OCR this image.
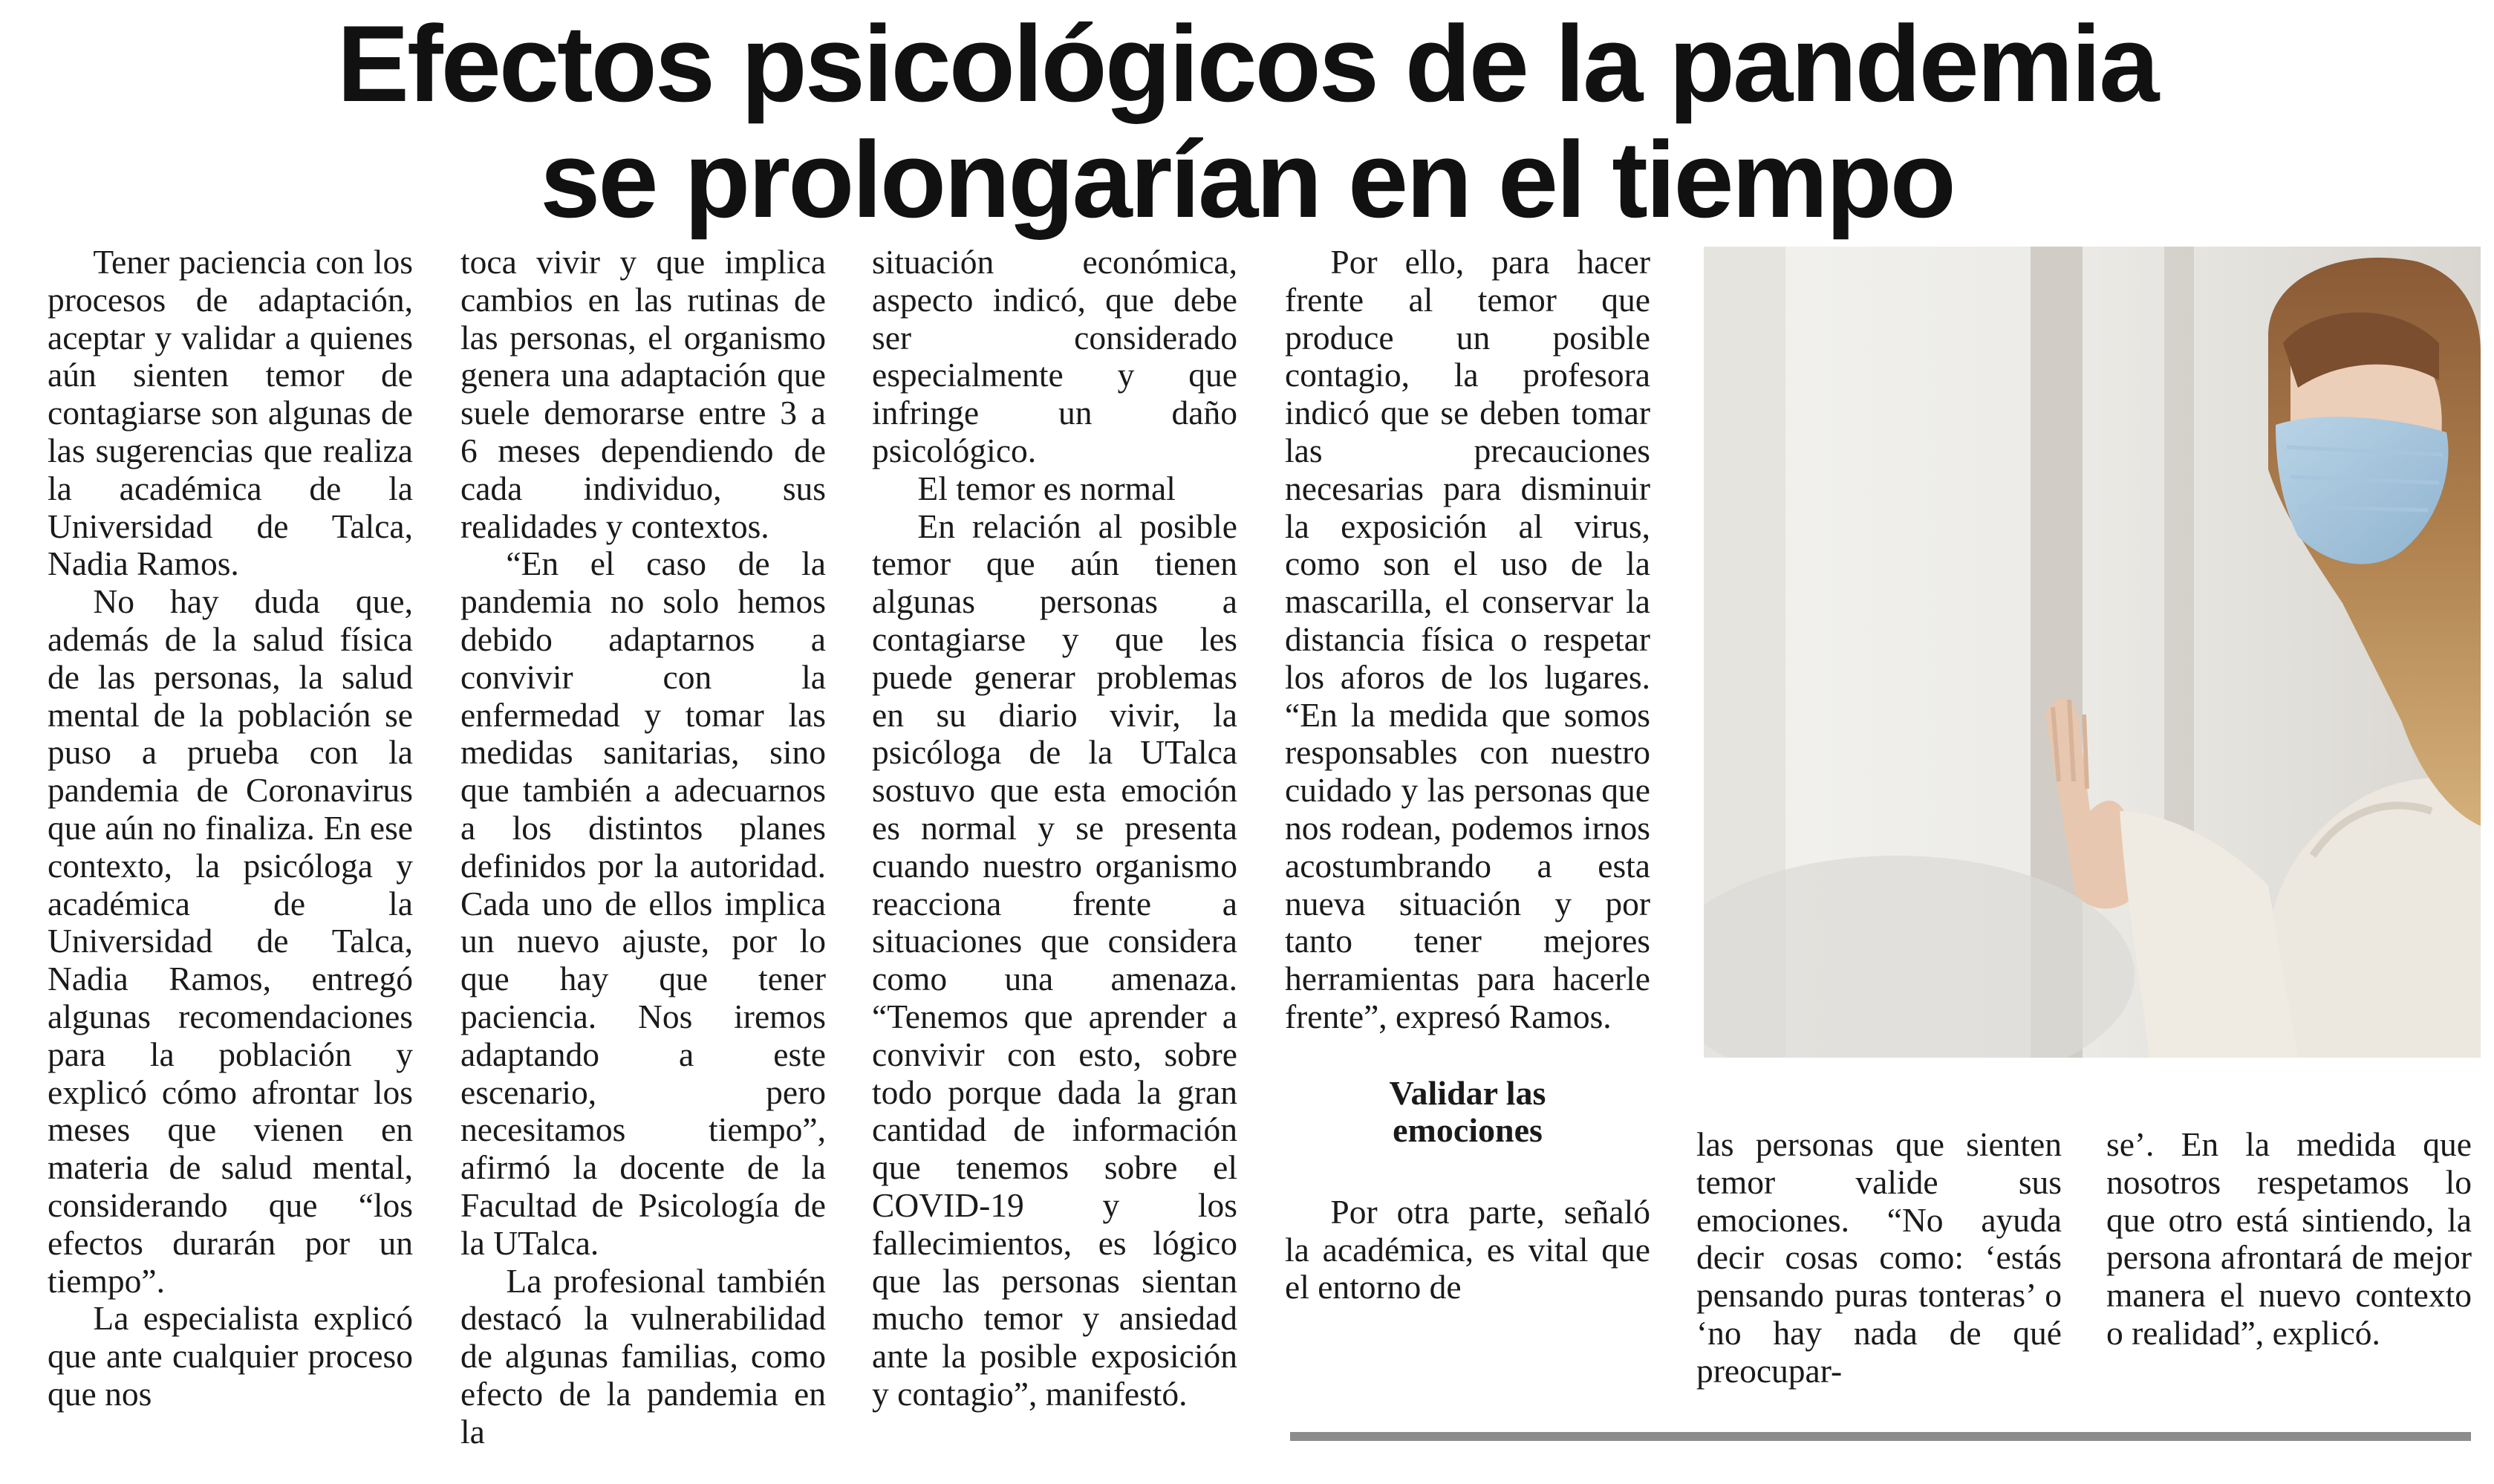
Efectos psicológicos de la pandemia
se prolongarían en el tiempo

Tener paciencia con los procesos de adaptación, aceptar y validar a quienes aún sienten temor de contagiarse son algunas de las sugerencias que realiza la académica de la Universidad de Talca, Nadia Ramos.

No hay duda que, además de la salud física de las personas, la salud mental de la población se puso a prueba con la pandemia de Coronavirus que aún no finaliza. En ese contexto, la psicóloga y académica de la Universidad de Talca, Nadia Ramos, entregó algunas recomendaciones para la población y explicó cómo afrontar los meses que vienen en materia de salud mental, considerando que “los efectos durarán por un tiempo”.

La especialista explicó que ante cualquier proceso que nos

toca vivir y que implica cambios en las rutinas de las personas, el organismo genera una adaptación que suele demorarse entre 3 a 6 meses dependiendo de cada individuo, sus realidades y contextos.

“En el caso de la pandemia no solo hemos debido adaptarnos a convivir con la enfermedad y tomar las medidas sanitarias, sino que también a adecuarnos a los distintos planes definidos por la autoridad. Cada uno de ellos implica un nuevo ajuste, por lo que hay que tener paciencia. Nos iremos adaptando a este escenario, pero necesitamos tiempo”, afirmó la docente de la Facultad de Psicología de la UTalca.

La profesional también destacó la vulnerabilidad de algunas familias, como efecto de la pandemia en la

situación económica, aspecto indicó, que debe ser considerado especialmente y que infringe un daño psicológico.

El temor es normal

En relación al posible temor que aún tienen algunas personas a contagiarse y que les puede generar problemas en su diario vivir, la psicóloga de la UTalca sostuvo que esta emoción es normal y se presenta cuando nuestro organismo reacciona frente a situaciones que considera como una amenaza. “Tenemos que aprender a convivir con esto, sobre todo porque dada la gran cantidad de información que tenemos sobre el COVID-19 y los fallecimientos, es lógico que las personas sientan mucho temor y ansiedad ante la posible exposición y contagio”, manifestó.

Por ello, para hacer frente al temor que produce un posible contagio, la profesora indicó que se deben tomar las precauciones necesarias para disminuir la exposición al virus, como son el uso de la mascarilla, el conservar la distancia física o respetar los aforos de los lugares. “En la medida que somos responsables con nuestro cuidado y las personas que nos rodean, podemos irnos acostumbrando a esta nueva situación y por tanto tener mejores herramientas para hacerle frente”, expresó Ramos.

Validar las
emociones

Por otra parte, señaló la académica, es vital que el entorno de

las personas que sienten temor valide sus emociones. “No ayuda decir cosas como: ‘estás pensando puras tonteras’ o ‘no hay nada de qué preocupar-

se’. En la medida que nosotros respetamos lo que otro está sintiendo, la persona afrontará de mejor manera el nuevo contexto o realidad”, explicó.
